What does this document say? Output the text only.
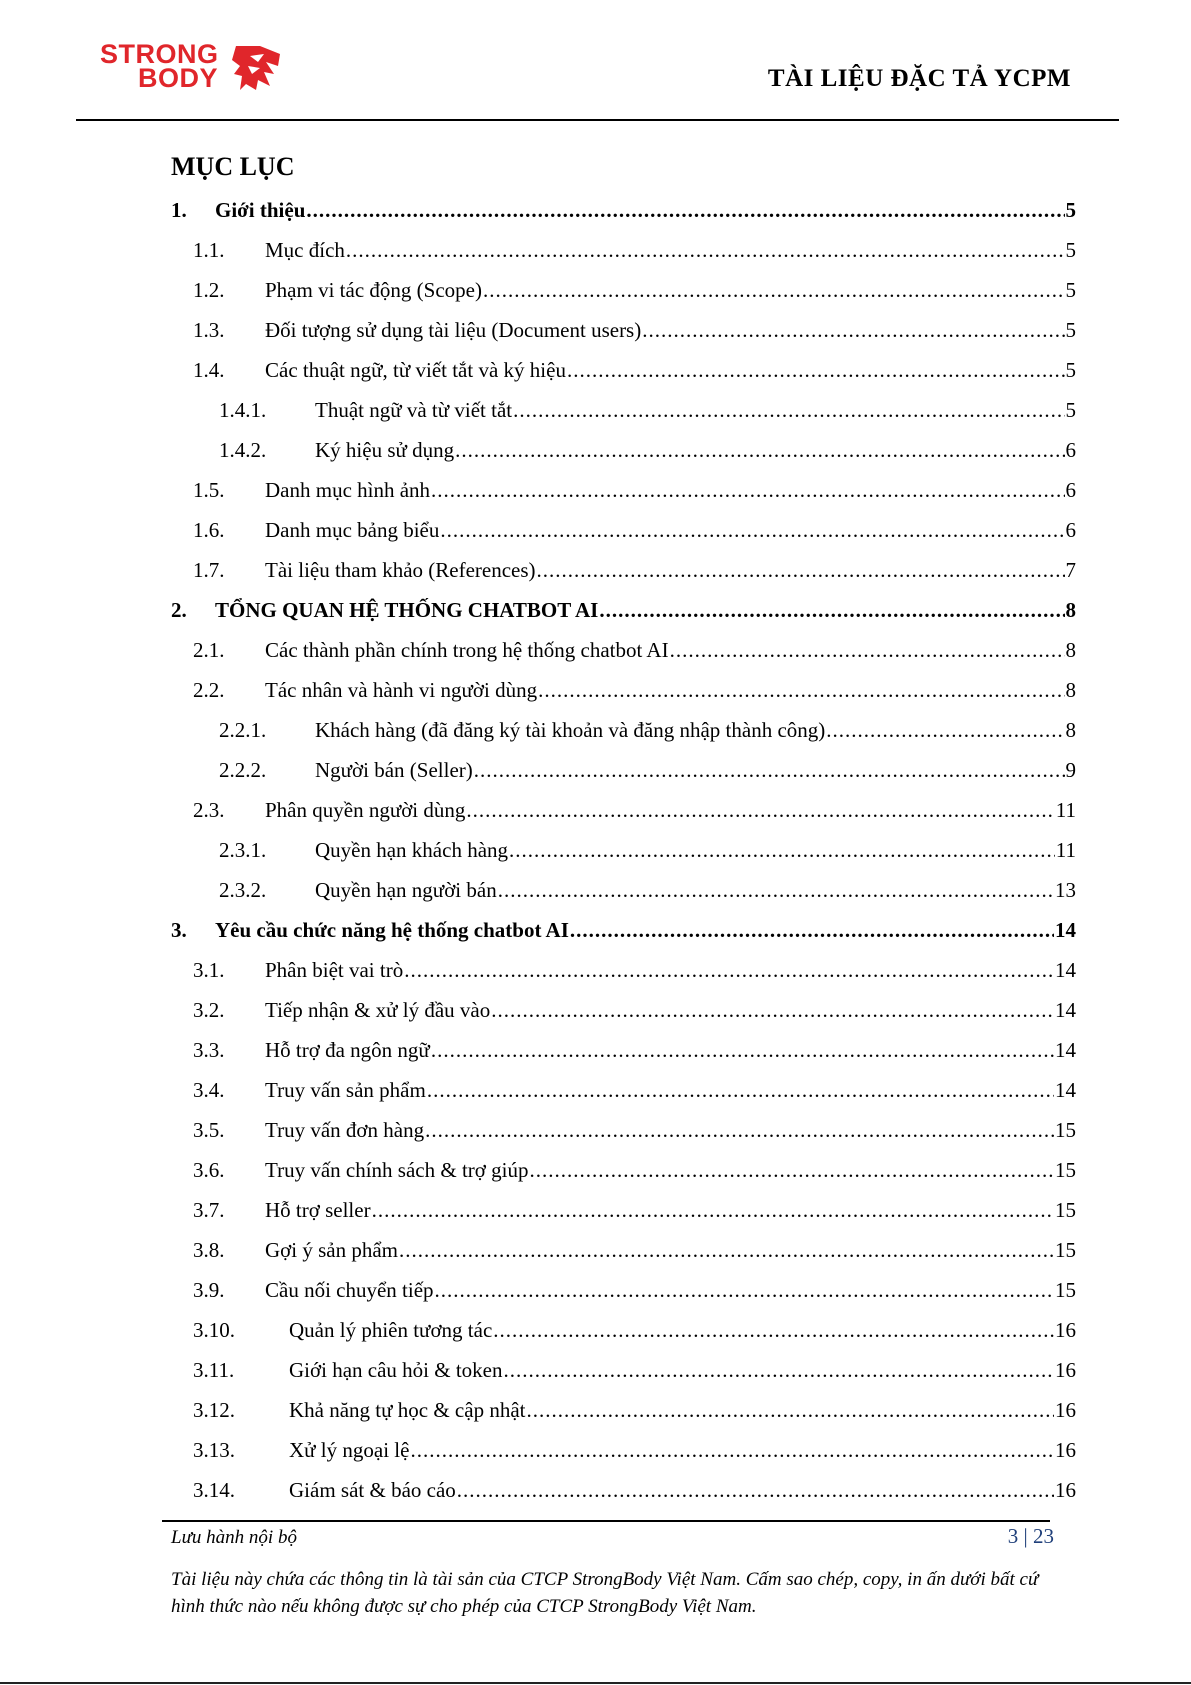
STRONG
BODY	TÀI LIỆU ĐẶC TẢ YCPM
MỤC LỤC
1.	Giới thiệu .....	5
1.1.	Mục đích .....	5
1.2.	Phạm vi tác động (Scope) .....	5
1.3.	Đối tượng sử dụng tài liệu (Document users) .....	5
1.4.	Các thuật ngữ, từ viết tắt và ký hiệu .....	5
1.4.1.	Thuật ngữ và từ viết tắt .....	5
1.4.2.	Ký hiệu sử dụng .....	6
1.5.	Danh mục hình ảnh .....	6
1.6.	Danh mục bảng biểu .....	6
1.7.	Tài liệu tham khảo (References) .....	7
2.	TỔNG QUAN HỆ THỐNG CHATBOT AI .....	8
2.1.	Các thành phần chính trong hệ thống chatbot AI .....	8
2.2.	Tác nhân và hành vi người dùng .....	8
2.2.1.	Khách hàng (đã đăng ký tài khoản và đăng nhập thành công) .....	8
2.2.2.	Người bán (Seller) .....	9
2.3.	Phân quyền người dùng .....	11
2.3.1.	Quyền hạn khách hàng .....	11
2.3.2.	Quyền hạn người bán .....	13
3.	Yêu cầu chức năng hệ thống chatbot AI .....	14
3.1.	Phân biệt vai trò .....	14
3.2.	Tiếp nhận & xử lý đầu vào .....	14
3.3.	Hỗ trợ đa ngôn ngữ .....	14
3.4.	Truy vấn sản phẩm .....	14
3.5.	Truy vấn đơn hàng .....	15
3.6.	Truy vấn chính sách & trợ giúp .....	15
3.7.	Hỗ trợ seller .....	15
3.8.	Gợi ý sản phẩm .....	15
3.9.	Cầu nối chuyển tiếp .....	15
3.10.	Quản lý phiên tương tác .....	16
3.11.	Giới hạn câu hỏi & token .....	16
3.12.	Khả năng tự học & cập nhật .....	16
3.13.	Xử lý ngoại lệ .....	16
3.14.	Giám sát & báo cáo .....	16
Lưu hành nội bộ	3 | 23
Tài liệu này chứa các thông tin là tài sản của CTCP StrongBody Việt Nam. Cấm sao chép, copy, in ấn dưới bất cứ hình thức nào nếu không được sự cho phép của CTCP StrongBody Việt Nam.
